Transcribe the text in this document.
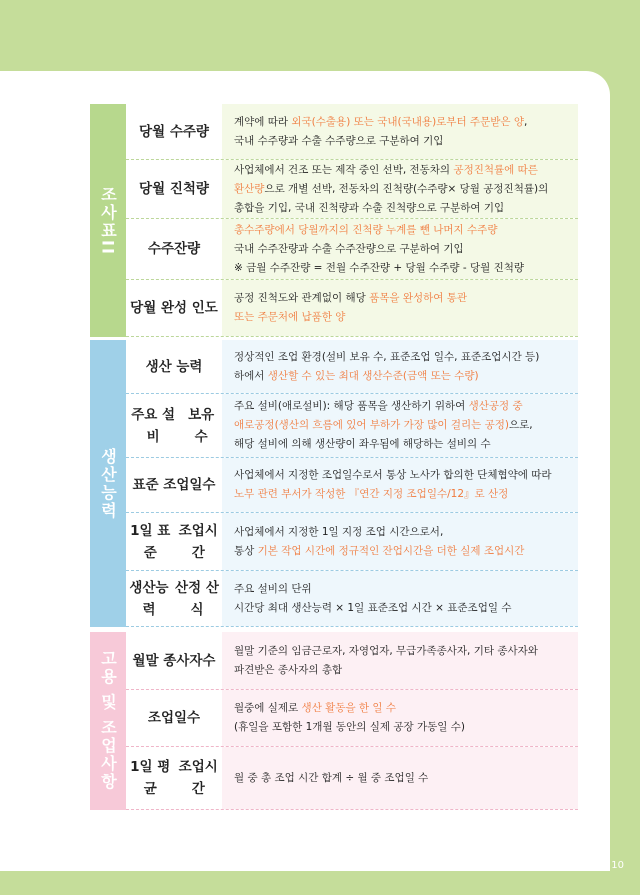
10
조사표II
당월 수주량
계약에 따라 외국(수출용) 또는 국내(국내용)로부터 주문받은 양,
국내 수주량과 수출 수주량으로 구분하여 기입
당월 진척량
사업체에서 건조 또는 제작 중인 선박, 전동차의 공정진척률에 따른
환산량으로 개별 선박, 전동차의 진척량(수주량× 당월 공정진척률)의
총합을 기입, 국내 진척량과 수출 진척량으로 구분하여 기입
수주잔량
총수주량에서 당월까지의 진척량 누계를 뺀 나머지 수주량
국내 수주잔량과 수출 수주잔량으로 구분하여 기입
※ 금월 수주잔량 = 전월 수주잔량 + 당월 수주량 - 당월 진척량
당월 완성 인도
공정 진척도와 관계없이 해당 품목을 완성하여 통관
또는 주문처에 납품한 양
생산능력
생산 능력
정상적인 조업 환경(설비 보유 수, 표준조업 일수, 표준조업시간 등)
하에서 생산할 수 있는 최대 생산수준(금액 또는 수량)
주요 설비

보유 수
주요 설비(애로설비): 해당 품목을 생산하기 위하여 생산공정 중
애로공정(생산의 흐름에 있어 부하가 가장 많이 걸리는 공정)으로,
해당 설비에 의해 생산량이 좌우됨에 해당하는 설비의 수
표준 조업일수
사업체에서 지정한 조업일수로서 통상 노사가 합의한 단체협약에 따라
노무 관련 부서가 작성한 『연간 지정 조업일수/12』로 산정
1일 표준

조업시간
사업체에서 지정한 1일 지정 조업 시간으로서,
통상 기본 작업 시간에 정규적인 잔업시간을 더한 실제 조업시간
생산능력

산정 산식
주요 설비의 단위
시간당 최대 생산능력 × 1일 표준조업 시간 × 표준조업일 수
고용 및 조업사항 월말 종사자수
월말 기준의 임금근로자, 자영업자, 무급가족종사자, 기타 종사자와
파견받은 종사자의 총합
조업일수
월중에 실제로 생산 활동을 한 일 수
(휴일을 포함한 1개월 동안의 실제 공장 가동일 수)
1일 평균

조업시간
월 중 총 조업 시간 합계 ÷ 월 중 조업일 수
